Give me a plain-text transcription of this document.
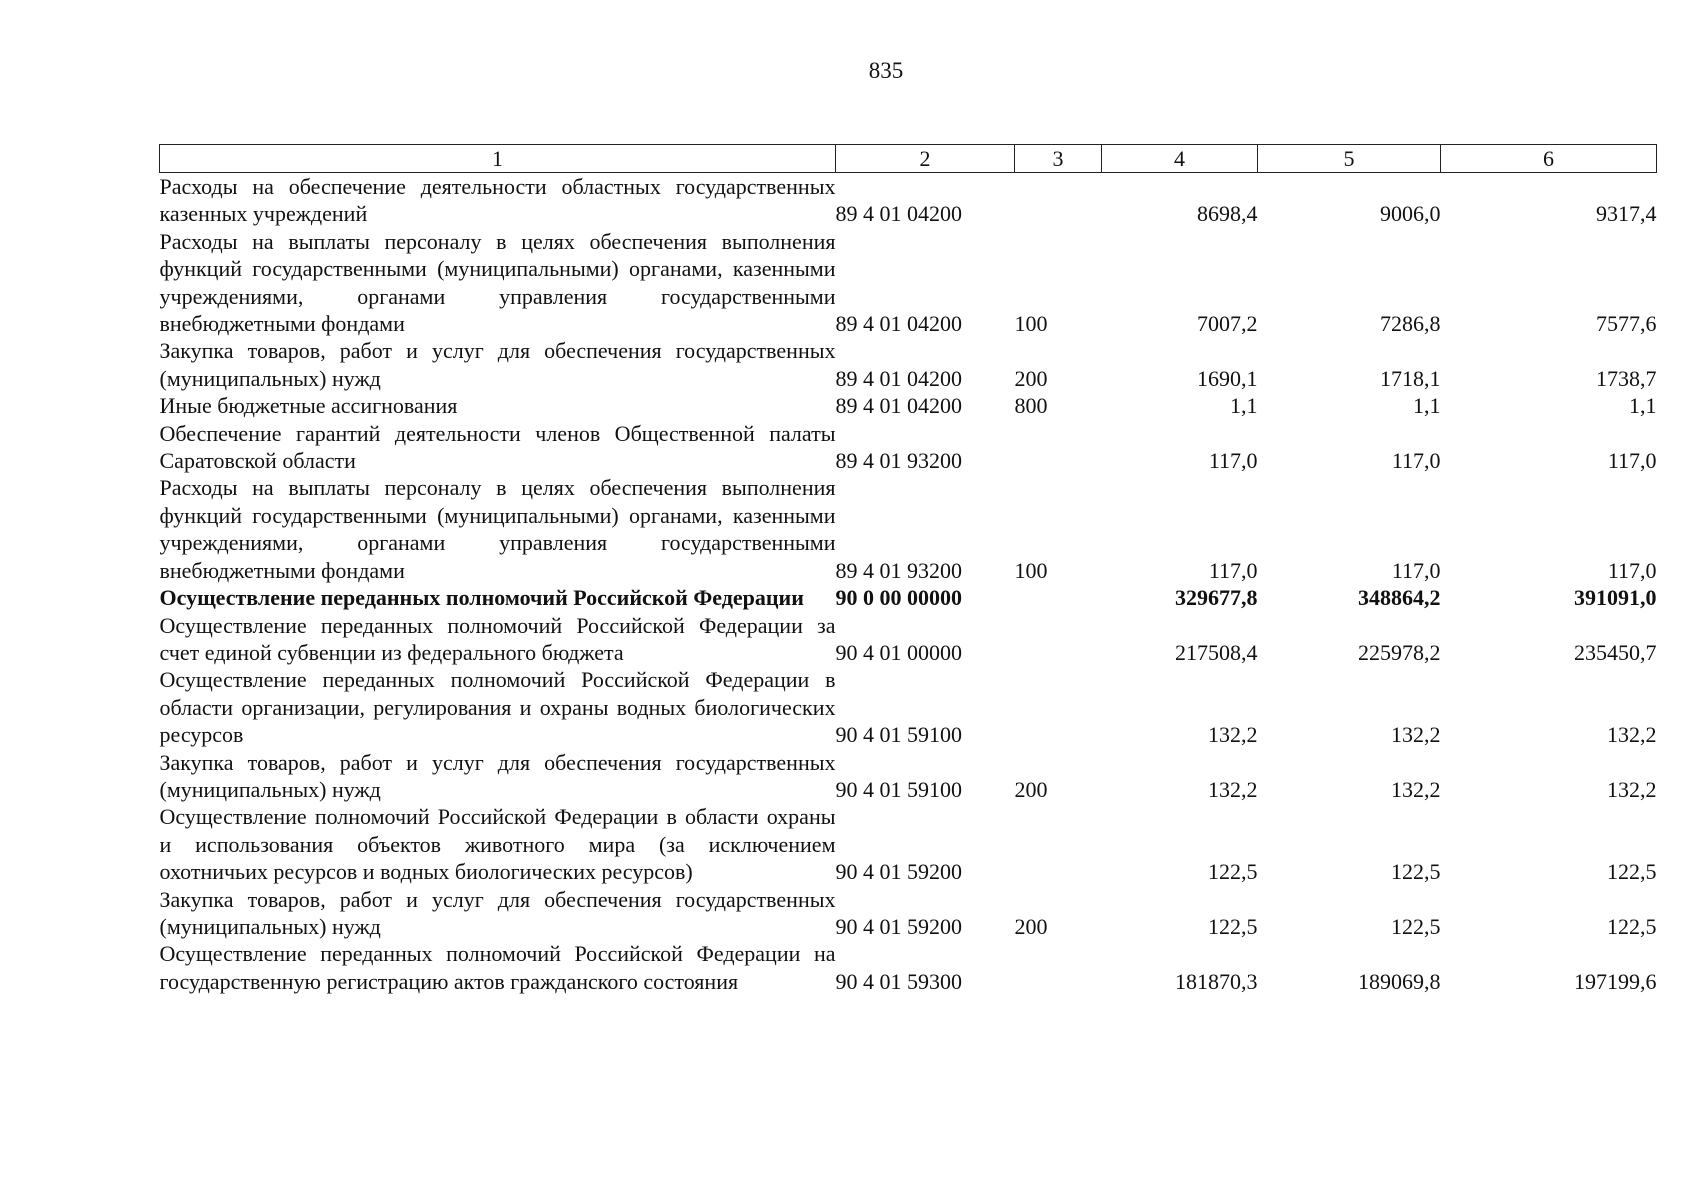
835
1	2	3	4	5	6
Расходы на обеспечение деятельности областных государственных казенных учреждений	89 4 01 04200		8698,4	9006,0	9317,4
Расходы на выплаты персоналу в целях обеспечения выполнения функций государственными (муниципальными) органами, казенными учреждениями, органами управления государственными внебюджетными фондами	89 4 01 04200	100	7007,2	7286,8	7577,6
Закупка товаров, работ и услуг для обеспечения государственных (муниципальных) нужд	89 4 01 04200	200	1690,1	1718,1	1738,7
Иные бюджетные ассигнования	89 4 01 04200	800	1,1	1,1	1,1
Обеспечение гарантий деятельности членов Общественной палаты Саратовской области	89 4 01 93200		117,0	117,0	117,0
Расходы на выплаты персоналу в целях обеспечения выполнения функций государственными (муниципальными) органами, казенными учреждениями, органами управления государственными внебюджетными фондами	89 4 01 93200	100	117,0	117,0	117,0
Осуществление переданных полномочий Российской Федерации	90 0 00 00000		329677,8	348864,2	391091,0
Осуществление переданных полномочий Российской Федерации за счет единой субвенции из федерального бюджета	90 4 01 00000		217508,4	225978,2	235450,7
Осуществление переданных полномочий Российской Федерации в области организации, регулирования и охраны водных биологических ресурсов	90 4 01 59100		132,2	132,2	132,2
Закупка товаров, работ и услуг для обеспечения государственных (муниципальных) нужд	90 4 01 59100	200	132,2	132,2	132,2
Осуществление полномочий Российской Федерации в области охраны и использования объектов животного мира (за исключением охотничьих ресурсов и водных биологических ресурсов)	90 4 01 59200		122,5	122,5	122,5
Закупка товаров, работ и услуг для обеспечения государственных (муниципальных) нужд	90 4 01 59200	200	122,5	122,5	122,5
Осуществление переданных полномочий Российской Федерации на государственную регистрацию актов гражданского состояния	90 4 01 59300		181870,3	189069,8	197199,6
